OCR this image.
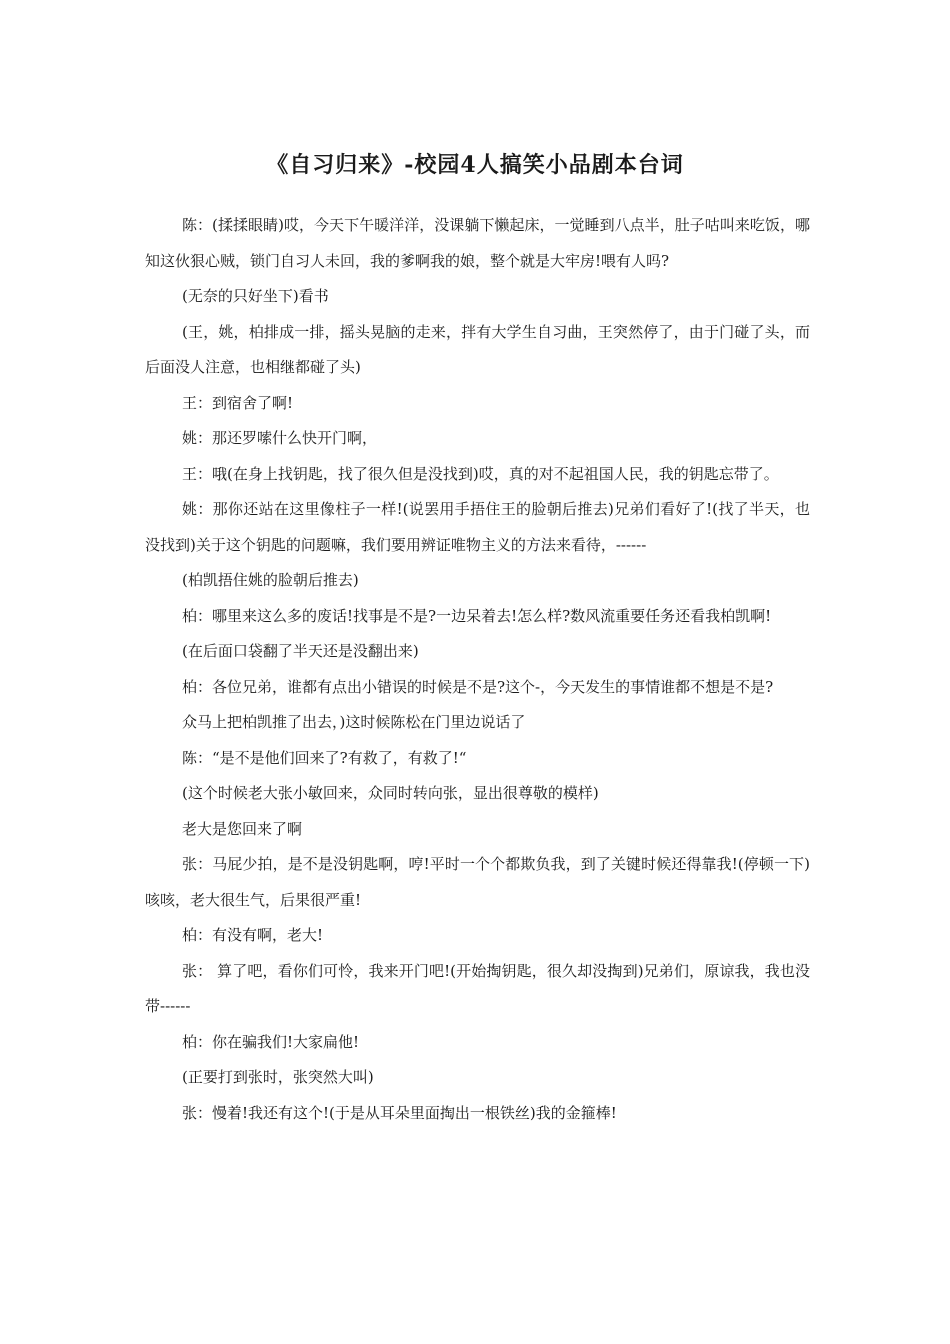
《自习归来》-校园4人搞笑小品剧本台词

陈：(揉揉眼睛)哎，今天下午暖洋洋，没课躺下懒起床，一觉睡到八点半，肚子咕叫来吃饭，哪知这伙狠心贼，锁门自习人未回，我的爹啊我的娘，整个就是大牢房!喂有人吗?

(无奈的只好坐下)看书

(王，姚，柏排成一排，摇头晃脑的走来，拌有大学生自习曲，王突然停了，由于门碰了头，而后面没人注意，也相继都碰了头)

王：到宿舍了啊!

姚：那还罗嗦什么快开门啊，

王：哦(在身上找钥匙，找了很久但是没找到)哎，真的对不起祖国人民，我的钥匙忘带了。

姚：那你还站在这里像柱子一样!(说罢用手捂住王的脸朝后推去)兄弟们看好了!(找了半天，也没找到)关于这个钥匙的问题嘛，我们要用辨证唯物主义的方法来看待，------

(柏凯捂住姚的脸朝后推去)

柏：哪里来这么多的废话!找事是不是?一边呆着去!怎么样?数风流重要任务还看我柏凯啊!

(在后面口袋翻了半天还是没翻出来)

柏：各位兄弟，谁都有点出小错误的时候是不是?这个-，今天发生的事情谁都不想是不是?

众马上把柏凯推了出去，)这时候陈松在门里边说话了

陈：“是不是他们回来了?有救了，有救了!“

(这个时候老大张小敏回来，众同时转向张，显出很尊敬的模样)

老大是您回来了啊

张：马屁少拍，是不是没钥匙啊，哼!平时一个个都欺负我，到了关键时候还得靠我!(停顿一下)咳咳，老大很生气，后果很严重!

柏：有没有啊，老大!

张： 算了吧，看你们可怜，我来开门吧!(开始掏钥匙，很久却没掏到)兄弟们，原谅我，我也没带------

柏：你在骗我们!大家扁他!

(正要打到张时，张突然大叫)

张：慢着!我还有这个!(于是从耳朵里面掏出一根铁丝)我的金箍棒!
